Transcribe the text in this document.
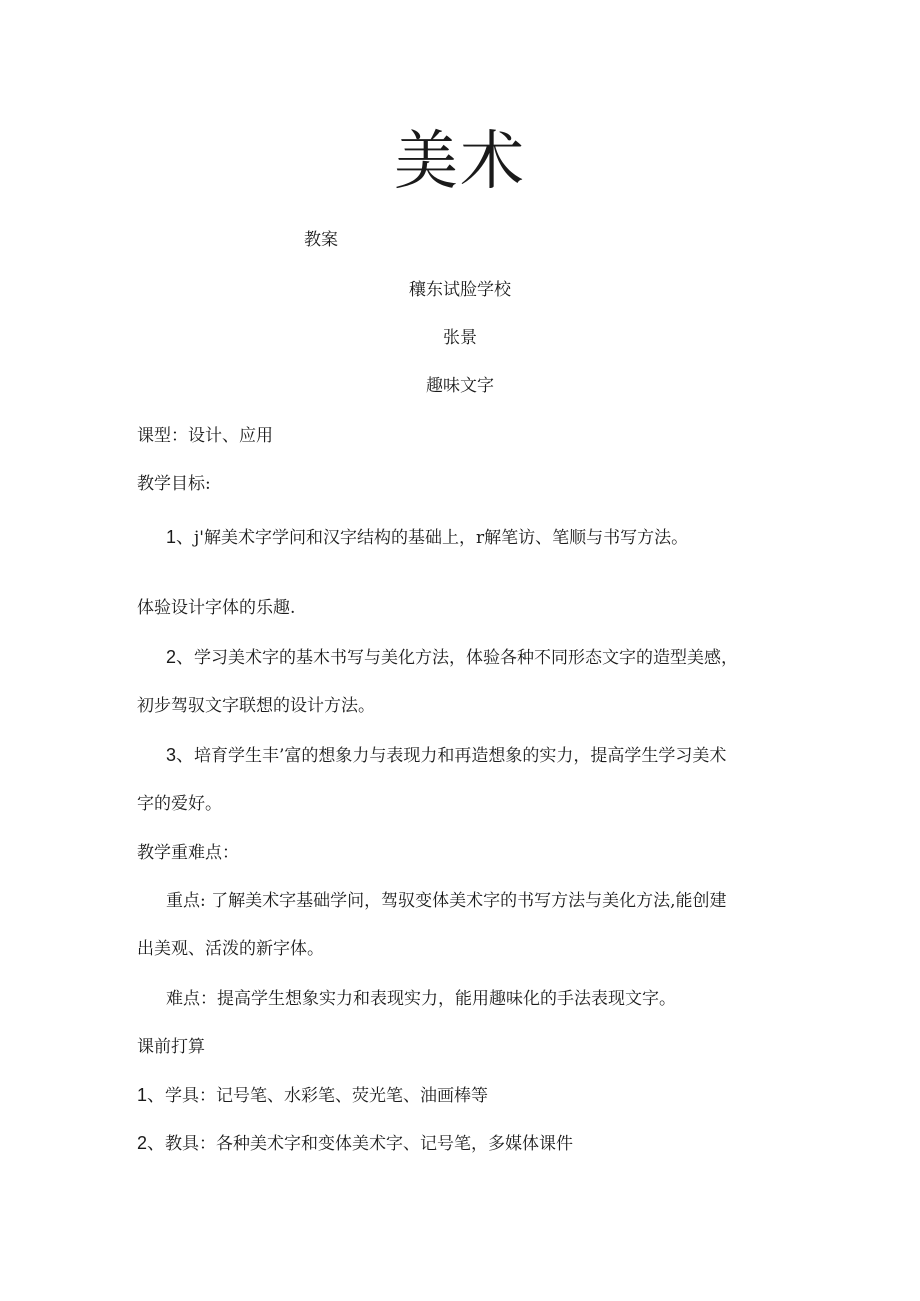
美术
教案
穰东试脸学校
张景
趣味文字
课型：设计、应用
教学目标:
1、j'解美术字学问和汉字结构的基础上，r解笔访、笔顺与书写方法。
体验设计字体的乐趣.
2、学习美术字的基木书写与美化方法，体验各种不同形态文字的造型美感，
初步驾驭文字联想的设计方法。
3、培育学生丰’富的想象力与表现力和再造想象的实力，提高学生学习美术
字的爱好。
教学重难点：
重点: 了解美术字基础学问，驾驭变体美术字的书写方法与美化方法,能创建
出美观、活泼的新字体。
难点：提高学生想象实力和表现实力，能用趣味化的手法表现文字。
课前打算
1、学具：记号笔、水彩笔、荧光笔、油画棒等
2、教具：各种美术字和变体美术字、记号笔，多媒体课件
